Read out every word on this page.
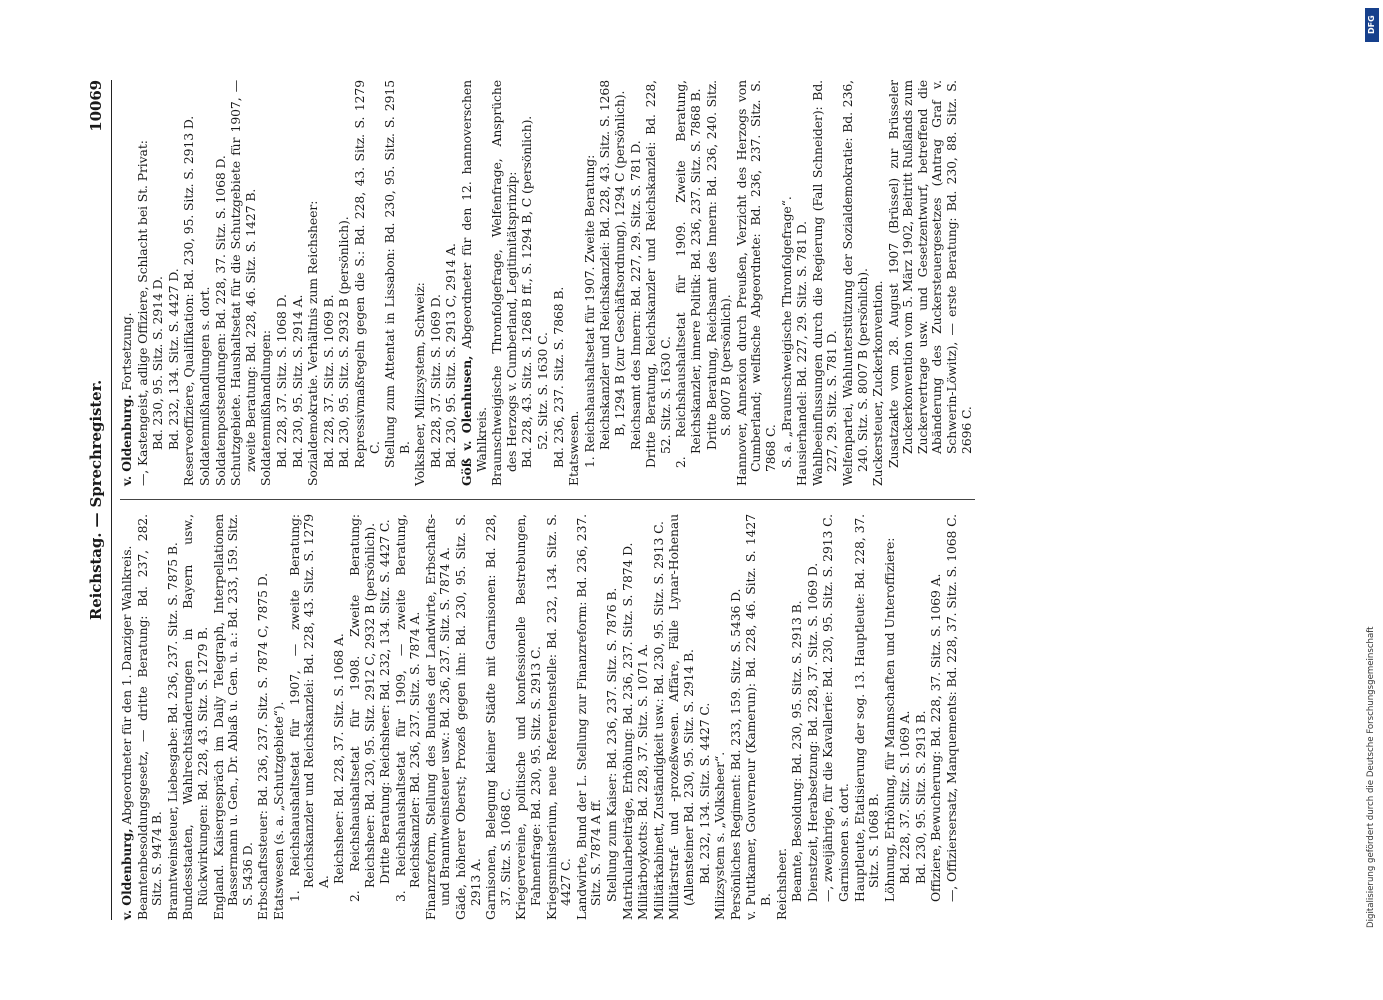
Reichstag. — Sprechregister.
10069

v. Oldenburg, Abgeordneter für den 1. Danziger Wahlkreis. Beamtenbesoldungsgesetz, — dritte Beratung: Bd. 237, 282. Sitz. S. 9474 B. Branntweinsteuer, Liebesgabe: Bd. 236, 237. Sitz. S. 7875 B. Bundesstaaten, Wahlrechtsänderungen in Bayern usw., Rückwirkungen: Bd. 228, 43. Sitz. S. 1279 B. England. Kaisergespräch im Daily Telegraph, Interpellationen Bassermann u. Gen., Dr. Ablaß u. Gen. u. a.: Bd. 233, 159. Sitz. S. 5436 D. Erbschaftssteuer: Bd. 236, 237. Sitz. S. 7874 C, 7875 D. Etatswesen (s. a. „Schutzgebiete“). 1. Reichshaushaltsetat für 1907, — zweite Beratung: Reichskanzler und Reichskanzlei: Bd. 228, 43. Sitz. S. 1279 A. Reichsheer: Bd. 228, 37. Sitz. S. 1068 A. 2. Reichshaushaltsetat für 1908. Zweite Beratung: Reichsheer: Bd. 230, 95. Sitz. 2912 C, 2932 B (persönlich). Dritte Beratung: Reichsheer: Bd. 232, 134. Sitz. S. 4427 C. 3. Reichshaushaltsetat für 1909, — zweite Beratung, Reichskanzler: Bd. 236, 237. Sitz. S. 7874 A. Finanzreform, Stellung des Bundes der Landwirte, Erbschafts- und Branntweinsteuer usw.: Bd. 236, 237. Sitz. S. 7874 A. Gäde, höherer Oberst; Prozeß gegen ihn: Bd. 230, 95. Sitz. S. 2913 A. Garnisonen, Belegung kleiner Städte mit Garnisonen: Bd. 228, 37. Sitz. S. 1068 C. Kriegervereine, politische und konfessionelle Bestrebungen, Fahnenfrage: Bd. 230, 95. Sitz. S. 2913 C. Kriegsministerium, neue Referentenstelle: Bd. 232, 134. Sitz. S. 4427 C. Landwirte, Bund der L. Stellung zur Finanzreform: Bd. 236, 237. Sitz. S. 7874 A ff. Stellung zum Kaiser: Bd. 236, 237. Sitz. S. 7876 B. Matrikularbeiträge, Erhöhung: Bd. 236, 237. Sitz. S. 7874 D. Militärboykotts: Bd. 228, 37. Sitz. S. 1071 A. Militärkabinett, Zuständigkeit usw.: Bd. 230, 95. Sitz. S. 2913 C. Militärstraf- und -prozeßwesen. Affäre, Fälle Lynar-Hohenau (Allensteiner Bd. 230, 95. Sitz. S. 2914 B. Bd. 232, 134. Sitz. S. 4427 C. Milizsystem s. „Volksheer“. Persönliches Regiment: Bd. 233, 159. Sitz. S. 5436 D. v. Puttkamer, Gouverneur (Kamerun): Bd. 228, 46. Sitz. S. 1427 B. Reichsheer. Beamte, Besoldung: Bd. 230, 95. Sitz. S. 2913 B. Dienstzeit, Herabsetzung: Bd. 228, 37. Sitz. S. 1069 D. —, zweijährige, für die Kavallerie: Bd. 230, 95. Sitz. S. 2913 C. Garnisonen s. dort. Hauptleute, Etatisierung der sog. 13. Hauptleute: Bd. 228, 37. Sitz. S. 1068 B. Löhnung, Erhöhung, für Mannschaften und Unteroffiziere: Bd. 228, 37. Sitz. S. 1069 A. Bd. 230, 95. Sitz. S. 2913 B. Offiziere, Bewucherung: Bd. 228, 37. Sitz. S. 1069 A. —, Offiziersersatz, Manquements: Bd. 228, 37. Sitz. S. 1068 C.

v. Oldenburg. Fortsetzung. —, Kastengeist, adlige Offiziere, Schlacht bei St. Privat: Bd. 230, 95. Sitz. S. 2914 D. Bd. 232, 134. Sitz. S. 4427 D. Reserveoffiziere, Qualifikation: Bd. 230, 95. Sitz. S. 2913 D. Soldatenmißhandlungen s. dort. Soldatenpostsendungen: Bd. 228, 37. Sitz. S. 1068 D. Schutzgebiete. Haushaltsetat für die Schutzgebiete für 1907, — zweite Beratung: Bd. 228, 46. Sitz. S. 1427 B. Soldatenmißhandlungen: Bd. 228, 37. Sitz. S. 1068 D. Bd. 230, 95. Sitz. S. 2914 A. Sozialdemokratie. Verhältnis zum Reichsheer: Bd. 228, 37. Sitz. S. 1069 B. Bd. 230, 95. Sitz. S. 2932 B (persönlich). Repressivmaßregeln gegen die S.: Bd. 228, 43. Sitz. S. 1279 C. Stellung zum Attentat in Lissabon: Bd. 230, 95. Sitz. S. 2915 B. Volksheer, Milizsystem, Schweiz: Bd. 228, 37. Sitz. S. 1069 D. Bd. 230, 95. Sitz. S. 2913 C, 2914 A. Göß v. Olenhusen, Abgeordneter für den 12. hannoverschen Wahlkreis. Braunschweigische Thronfolgefrage, Welfenfrage, Ansprüche des Herzogs v. Cumberland, Legitimitätsprinzip: Bd. 228, 43. Sitz. S. 1268 B ff., S. 1294 B, C (persönlich). 52. Sitz. S. 1630 C. Bd. 236, 237. Sitz. S. 7868 B. Etatswesen. 1. Reichshaushaltsetat für 1907. Zweite Beratung: Reichskanzler und Reichskanzlei: Bd. 228, 43. Sitz. S. 1268 B, 1294 B (zur Geschäftsordnung), 1294 C (persönlich). Reichsamt des Innern: Bd. 227, 29. Sitz. S. 781 D. Dritte Beratung, Reichskanzler und Reichskanzlei: Bd. 228, 52. Sitz. S. 1630 C. 2. Reichshaushaltsetat für 1909. Zweite Beratung, Reichskanzler, innere Politik: Bd. 236, 237. Sitz. S. 7868 B. Dritte Beratung, Reichsamt des Innern: Bd. 236, 240. Sitz. S. 8007 B (persönlich). Hannover, Annexion durch Preußen, Verzicht des Herzogs von Cumberland; welfische Abgeordnete: Bd. 236, 237. Sitz. S. 7868 C. S. a. „Braunschweigische Thronfolgefrage“. Hausierhandel: Bd. 227, 29. Sitz. S. 781 D. Wahlbeeinflussungen durch die Regierung (Fall Schneider): Bd. 227, 29. Sitz. S. 781 D. Welfenpartei, Wahlunterstützung der Sozialdemokratie: Bd. 236, 240. Sitz. S. 8007 B (persönlich). Zuckersteuer, Zuckerkonvention. Zusatzakte vom 28. August 1907 (Brüssel) zur Brüsseler Zuckerkonvention vom 5. März 1902, Beitritt Rußlands zum Zuckervertrage usw. und Gesetzentwurf, betreffend die Abänderung des Zuckersteuergesetzes (Antrag Graf v. Schwerin-Löwitz), — erste Beratung: Bd. 230, 88. Sitz. S. 2696 C.

Digitalisierung gefördert durch die Deutsche Forschungsgemeinschaft
DFG
